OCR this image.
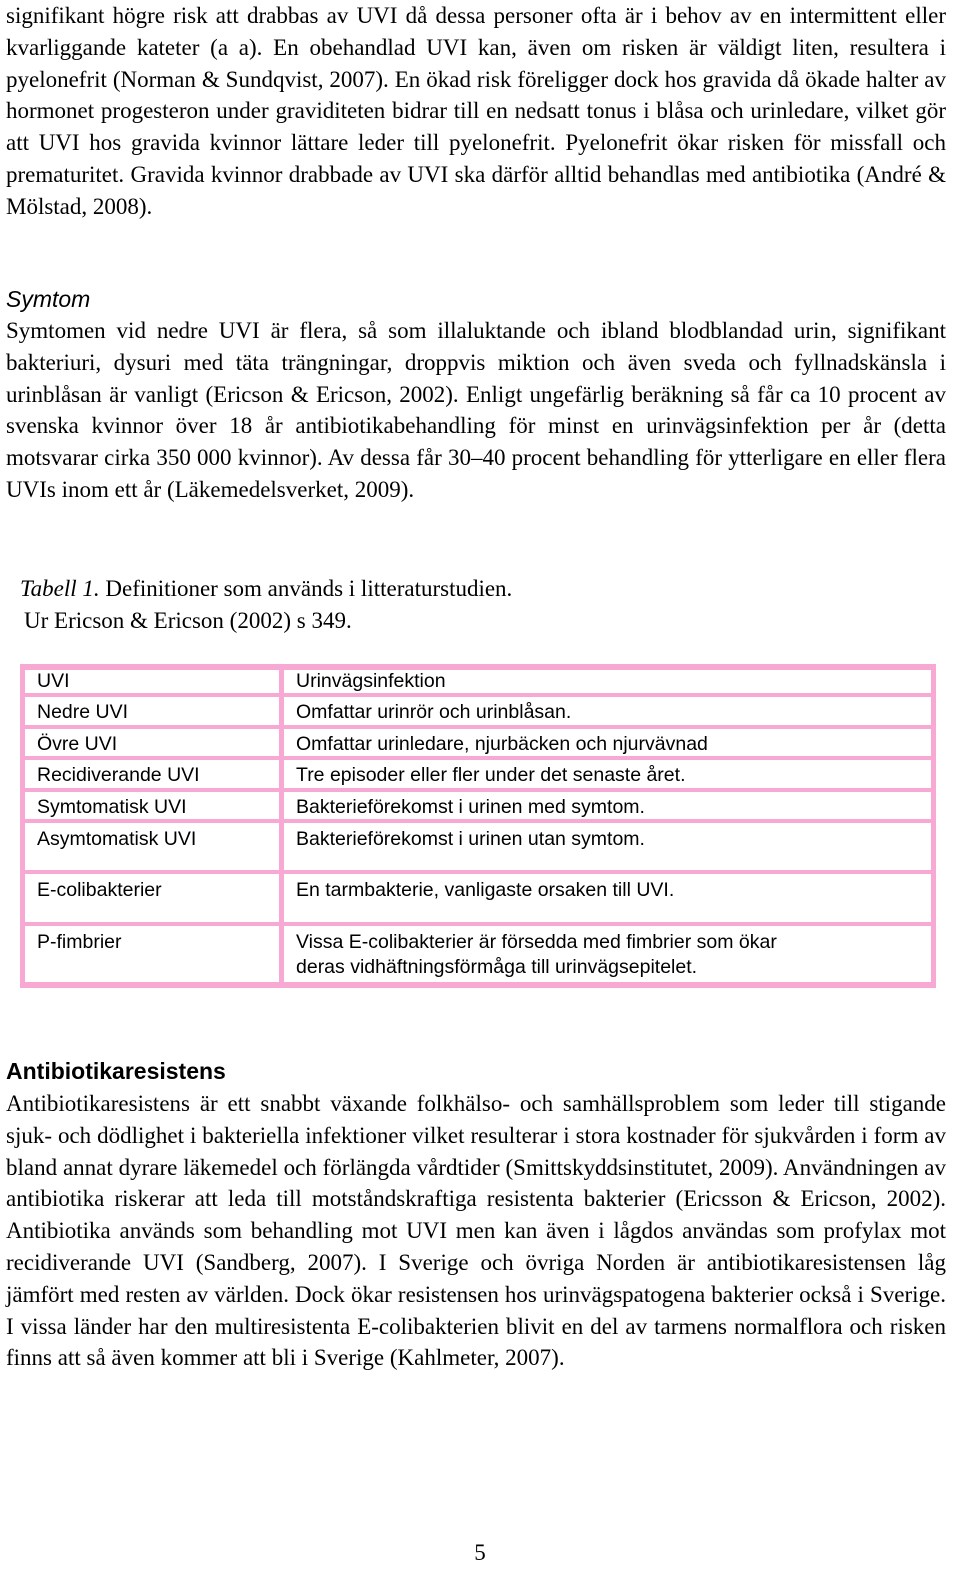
signifikant högre risk att drabbas av UVI då dessa personer ofta är i behov av en intermittent eller kvarliggande kateter (a a). En obehandlad UVI kan, även om risken är väldigt liten, resultera i pyelonefrit (Norman & Sundqvist, 2007). En ökad risk föreligger dock hos gravida då ökade halter av hormonet progesteron under graviditeten bidrar till en nedsatt tonus i blåsa och urinledare, vilket gör att UVI hos gravida kvinnor lättare leder till pyelonefrit. Pyelonefrit ökar risken för missfall och prematuritet. Gravida kvinnor drabbade av UVI ska därför alltid behandlas med antibiotika (André & Mölstad, 2008).

Symtom

Symtomen vid nedre UVI är flera, så som illaluktande och ibland blodblandad urin, signifikant bakteriuri, dysuri med täta trängningar, droppvis miktion och även sveda och fyllnadskänsla i urinblåsan är vanligt (Ericson & Ericson, 2002). Enligt ungefärlig beräkning så får ca 10 procent av svenska kvinnor över 18 år antibiotikabehandling för minst en urinvägsinfektion per år (detta motsvarar cirka 350 000 kvinnor). Av dessa får 30–40 procent behandling för ytterligare en eller flera UVIs inom ett år (Läkemedelsverket, 2009).

Tabell 1. Definitioner som används i litteraturstudien.

Ur Ericson & Ericson (2002) s 349.

UVI	Urinvägsinfektion
Nedre UVI	Omfattar urinrör och urinblåsan.
Övre UVI	Omfattar urinledare, njurbäcken och njurvävnad
Recidiverande UVI	Tre episoder eller fler under det senaste året.
Symtomatisk UVI	Bakterieförekomst i urinen med symtom.
Asymtomatisk UVI	Bakterieförekomst i urinen utan symtom.
E-colibakterier	En tarmbakterie, vanligaste orsaken till UVI.
P-fimbrier	Vissa E-colibakterier är försedda med fimbrier som ökar
deras vidhäftningsförmåga till urinvägsepitelet.

Antibiotikaresistens

Antibiotikaresistens är ett snabbt växande folkhälso- och samhällsproblem som leder till stigande sjuk- och dödlighet i bakteriella infektioner vilket resulterar i stora kostnader för sjukvården i form av bland annat dyrare läkemedel och förlängda vårdtider (Smittskyddsinstitutet, 2009). Användningen av antibiotika riskerar att leda till motståndskraftiga resistenta bakterier (Ericsson & Ericson, 2002). Antibiotika används som behandling mot UVI men kan även i lågdos användas som profylax mot recidiverande UVI (Sandberg, 2007). I Sverige och övriga Norden är antibiotikaresistensen låg jämfört med resten av världen. Dock ökar resistensen hos urinvägspatogena bakterier också i Sverige. I vissa länder har den multiresistenta E-colibakterien blivit en del av tarmens normalflora och risken finns att så även kommer att bli i Sverige (Kahlmeter, 2007).

5
